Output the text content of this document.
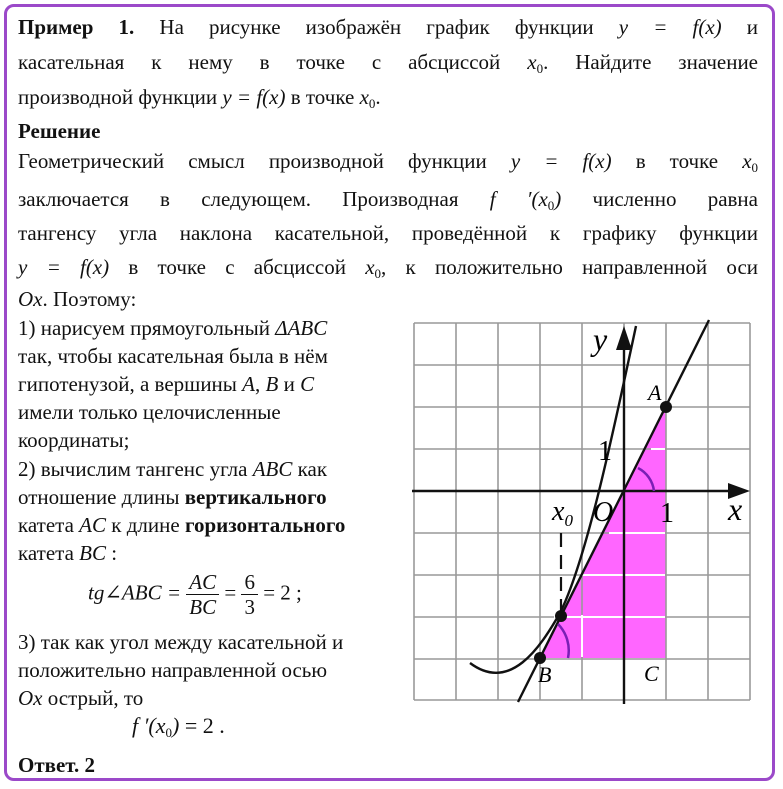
Пример 1. На рисунке изображён график функции y = f(x) и
касательная к нему в точке с абсциссой $x_0$. Найдите значение
производной функции y = f(x) в точке $x_0$.
Решение
Геометрический смысл производной функции y = f(x) в точке $x_0$
заключается в следующем. Производная f $'(x_0)$ численно равна
тангенсу угла наклона касательной, проведённой к графику функции
y = f(x) в точке с абсциссой $x_0$, к положительно направленной оси
Ox. Поэтому:
1) нарисуем прямоугольный ΔABC
так, чтобы касательная была в нём
гипотенузой, а вершины A, B и C
имели только целочисленные
координаты;
2) вычислим тангенс угла ABC как
отношение длины вертикального
катета AC к длине горизонтального
катета BC :
tg∠ABC = $\frac{AC}{BC} = \frac{6}{3} = 2$ ;
3) так как угол между касательной и
положительно направленной осью
Ox острый, то
f $'(x_0) = 2$ .
Ответ. 2
y
x
O
1
1
A
B	C
$x_0$
